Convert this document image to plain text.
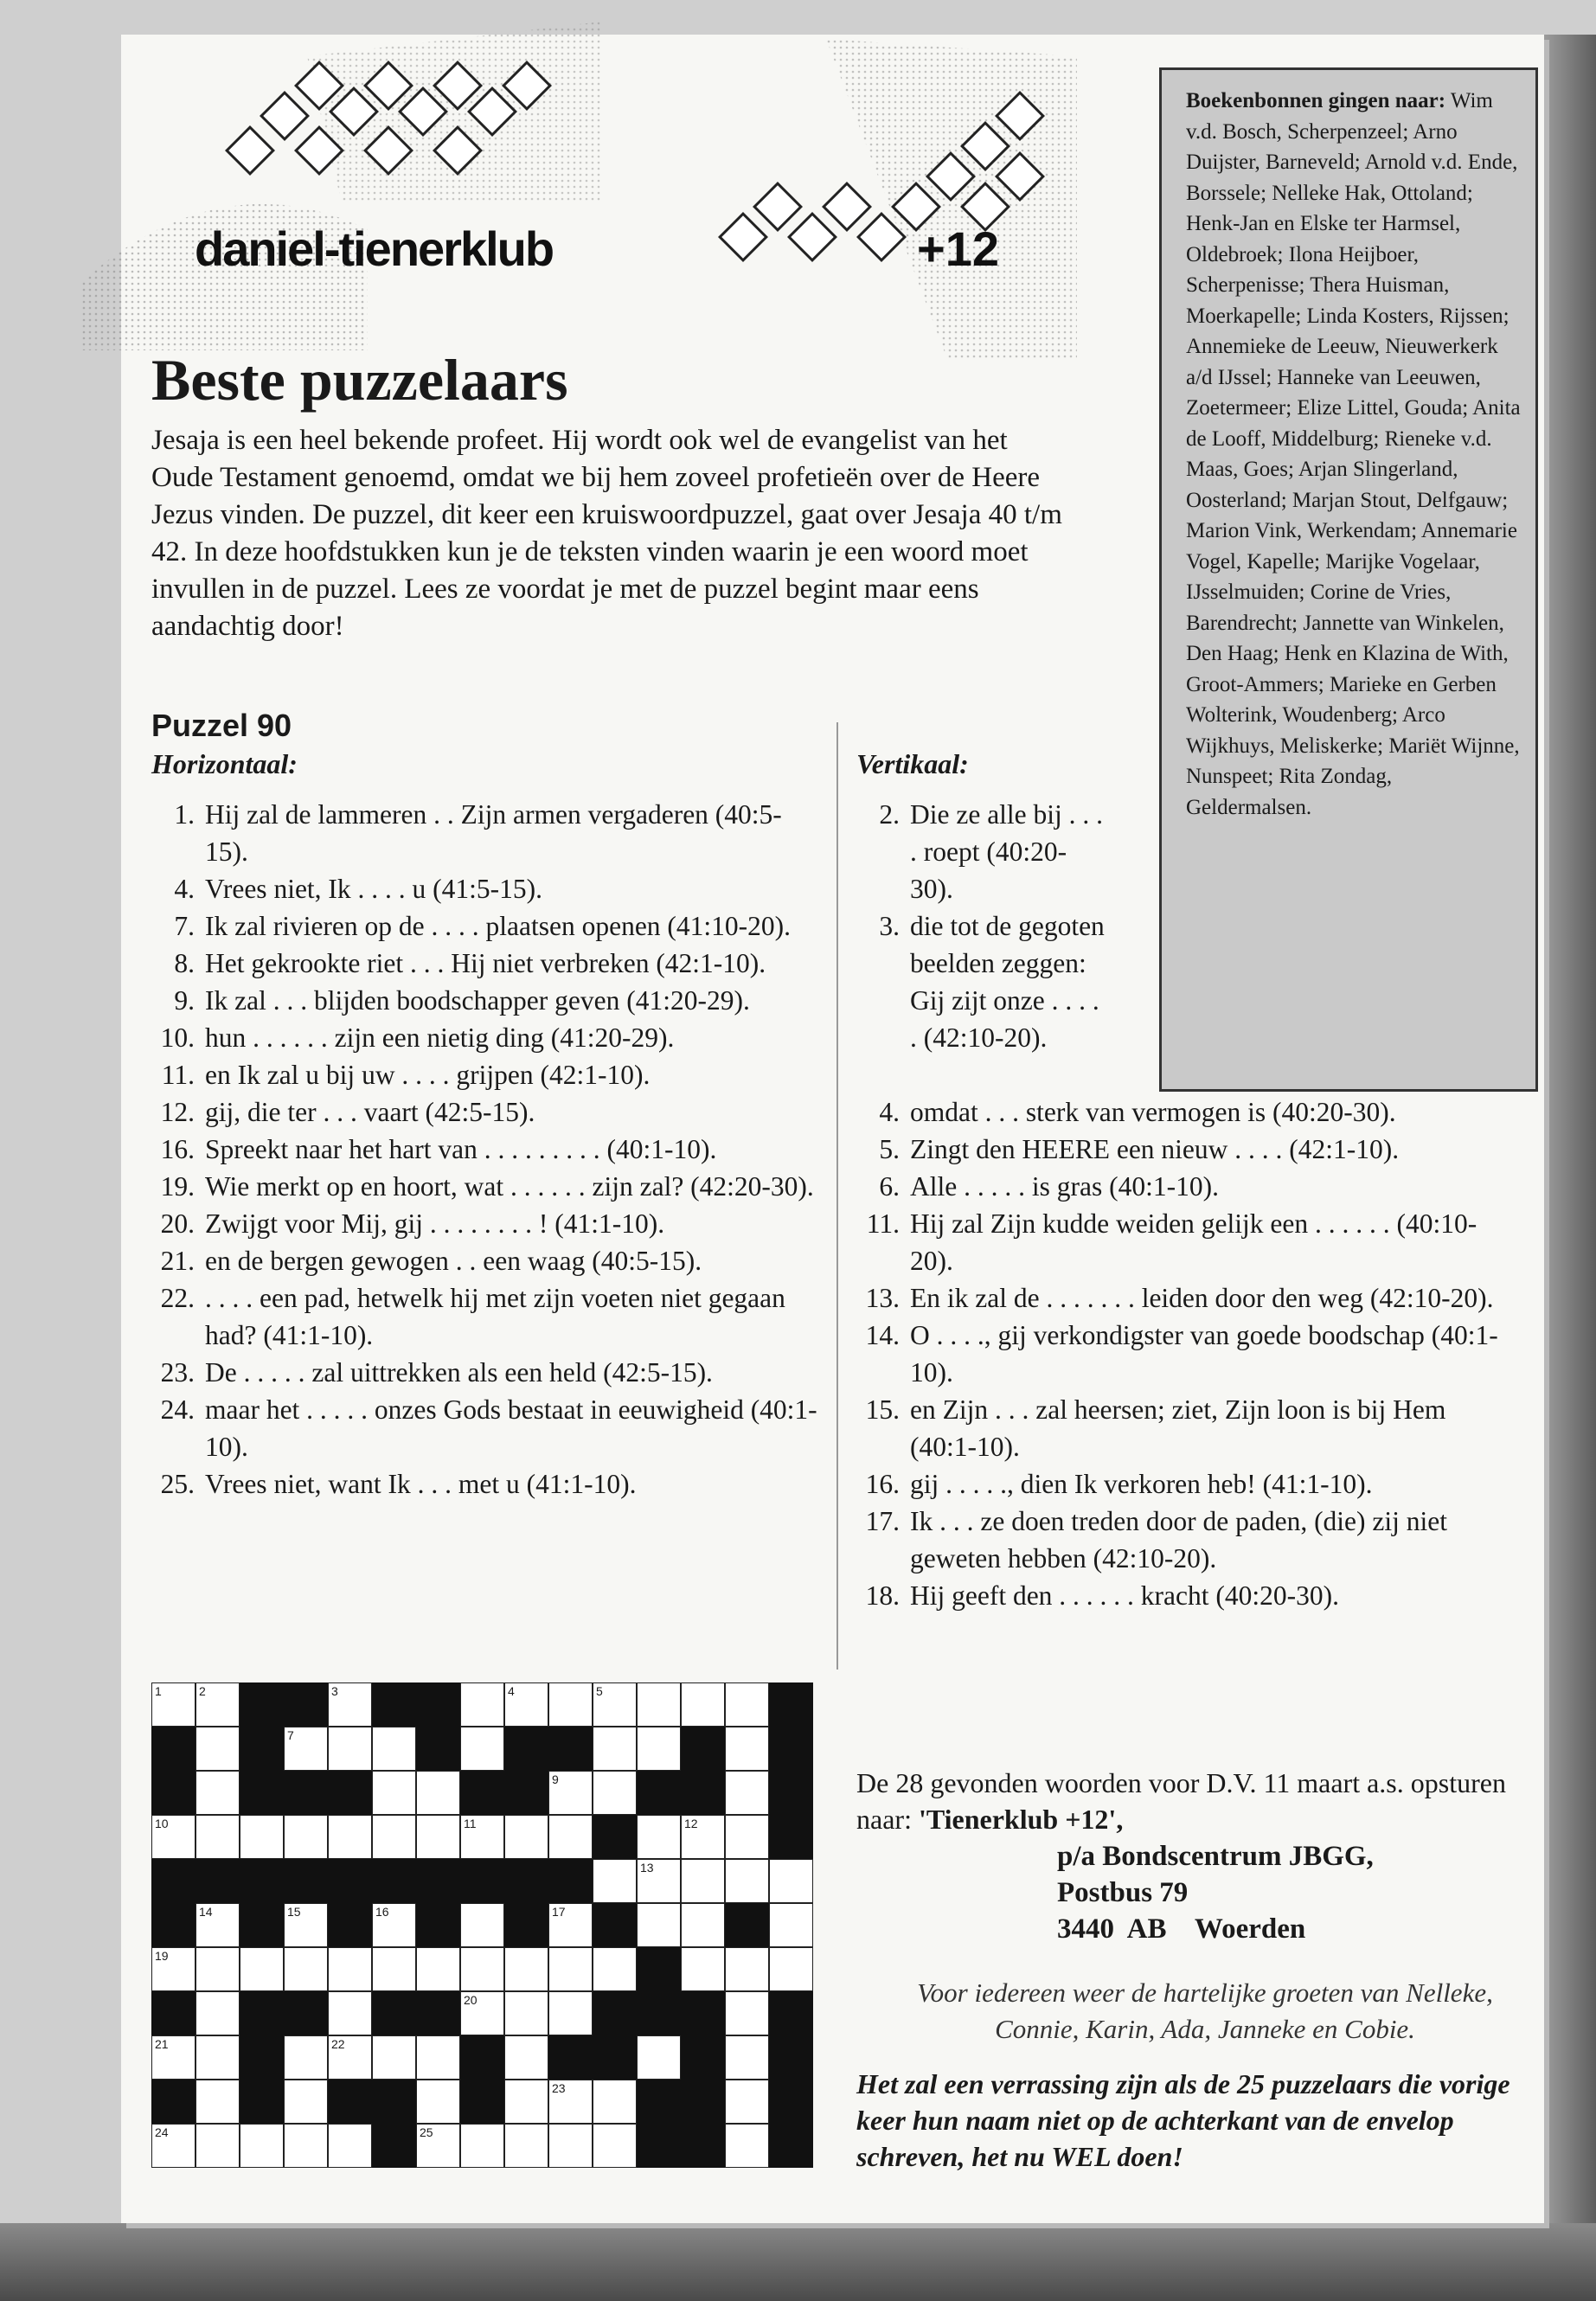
daniel-tienerklub	+12
Beste puzzelaars
Jesaja is een heel bekende profeet. Hij wordt ook wel de evangelist van het Oude Testament genoemd, omdat we bij hem zoveel profetieën over de Heere Jezus vinden. De puzzel, dit keer een kruiswoordpuzzel, gaat over Jesaja 40 t/m 42. In deze hoofdstukken kun je de teksten vinden waarin je een woord moet invullen in de puzzel. Lees ze voordat je met de puzzel begint maar eens aandachtig door!
Boekenbonnen gingen naar: Wim v.d. Bosch, Scherpenzeel; Arno Duijster, Barneveld; Arnold v.d. Ende, Borssele; Nelleke Hak, Ottoland; Henk-Jan en Elske ter Harmsel, Oldebroek; Ilona Heijboer, Scherpenisse; Thera Huisman, Moerkapelle; Linda Kosters, Rijssen; Annemieke de Leeuw, Nieuwerkerk a/d IJssel; Hanneke van Leeuwen, Zoetermeer; Elize Littel, Gouda; Anita de Looff, Middelburg; Rieneke v.d. Maas, Goes; Arjan Slingerland, Oosterland; Marjan Stout, Delfgauw; Marion Vink, Werkendam; Annemarie Vogel, Kapelle; Marijke Vogelaar, IJsselmuiden; Corine de Vries, Barendrecht; Jannette van Winkelen, Den Haag; Henk en Klazina de With, Groot-Ammers; Marieke en Gerben Wolterink, Woudenberg; Arco Wijkhuys, Meliskerke; Mariët Wijnne, Nunspeet; Rita Zondag, Geldermalsen.
Puzzel 90
Horizontaal:	Vertikaal:
1. Hij zal de lammeren . . Zijn armen vergaderen (40:5-15).
4. Vrees niet, Ik . . . . u (41:5-15).
7. Ik zal rivieren op de . . . . plaatsen openen (41:10-20).
8. Het gekrookte riet . . . Hij niet verbreken (42:1-10).
9. Ik zal . . . blijden boodschapper geven (41:20-29).
10. hun . . . . . . zijn een nietig ding (41:20-29).
11. en Ik zal u bij uw . . . . grijpen (42:1-10).
12. gij, die ter . . . vaart (42:5-15).
16. Spreekt naar het hart van . . . . . . . . . (40:1-10).
19. Wie merkt op en hoort, wat . . . . . . zijn zal? (42:20-30).
20. Zwijgt voor Mij, gij . . . . . . . . ! (41:1-10).
21. en de bergen gewogen . . een waag (40:5-15).
22. . . . . een pad, hetwelk hij met zijn voeten niet gegaan had? (41:1-10).
23. De . . . . . zal uittrekken als een held (42:5-15).
24. maar het . . . . . onzes Gods bestaat in eeuwigheid (40:1-10).
25. Vrees niet, want Ik . . . met u (41:1-10).
2. Die ze alle bij . . . . roept (40:20-30).
3. die tot de gegoten beelden zeggen: Gij zijt onze . . . . . (42:10-20).
4. omdat . . . sterk van vermogen is (40:20-30).
5. Zingt den HEERE een nieuw . . . . (42:1-10).
6. Alle . . . . . is gras (40:1-10).
11. Hij zal Zijn kudde weiden gelijk een . . . . . . (40:10-20).
13. En ik zal de . . . . . . . leiden door den weg (42:10-20).
14. O . . . ., gij verkondigster van goede boodschap (40:1-10).
15. en Zijn . . . zal heersen; ziet, Zijn loon is bij Hem (40:1-10).
16. gij . . . . ., dien Ik verkoren heb! (41:1-10).
17. Ik . . . ze doen treden door de paden, (die) zij niet geweten hebben (42:10-20).
18. Hij geeft den . . . . . . kracht (40:20-30).
1	2	3	4	5
7
9
10	11	12
13
14	15	16	17
19
20
21	22
23
24	25
De 28 gevonden woorden voor D.V. 11 maart a.s. opsturen naar: 'Tienerklub +12',
p/a Bondscentrum JBGG,
Postbus 79
3440  AB    Woerden
Voor iedereen weer de hartelijke groeten van Nelleke, Connie, Karin, Ada, Janneke en Cobie.
Het zal een verrassing zijn als de 25 puzzelaars die vorige keer hun naam niet op de achterkant van de envelop schreven, het nu WEL doen!
